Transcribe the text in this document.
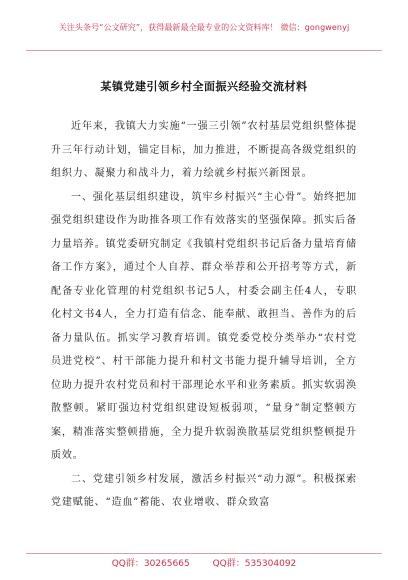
关注头条号“公文研究”，获得最新最全最专业的公文资料库！ 微信：gongwenyj
某镇党建引领乡村全面振兴经验交流材料

近年来，我镇大力实施“一强三引领”农村基层党组织整体提升三年行动计划，锚定目标，加力推进，不断提高各级党组织的组织力、凝聚力和战斗力，着力绘就乡村振兴新图景。

一、强化基层组织建设，筑牢乡村振兴“主心骨”。始终把加强党组织建设作为助推各项工作有效落实的坚强保障。抓实后备力量培养。镇党委研究制定《我镇村党组织书记后备力量培育储备工作方案》，通过个人自荐、群众举荐和公开招考等方式，新配备专业化管理的村党组织书记5人，村委会副主任4人，专职化村文书4人，全力打造有信念、能奉献、敢担当、善作为的后备力量队伍。抓实学习教育培训。镇党委党校分类举办“农村党员进党校”、村干部能力提升和村文书能力提升辅导培训，全方位助力提升农村党员和村干部理论水平和业务素质。抓实软弱涣散整顿。紧盯强边村党组织建设短板弱项，“量身”制定整顿方案，精准落实整顿措施，全力提升软弱涣散基层党组织整顿提升质效。

二、党建引领乡村发展，激活乡村振兴“动力源”。积极探索党建赋能、“造血”蓄能、农业增收、群众致富

QQ群：30265665	QQ群：535304092
